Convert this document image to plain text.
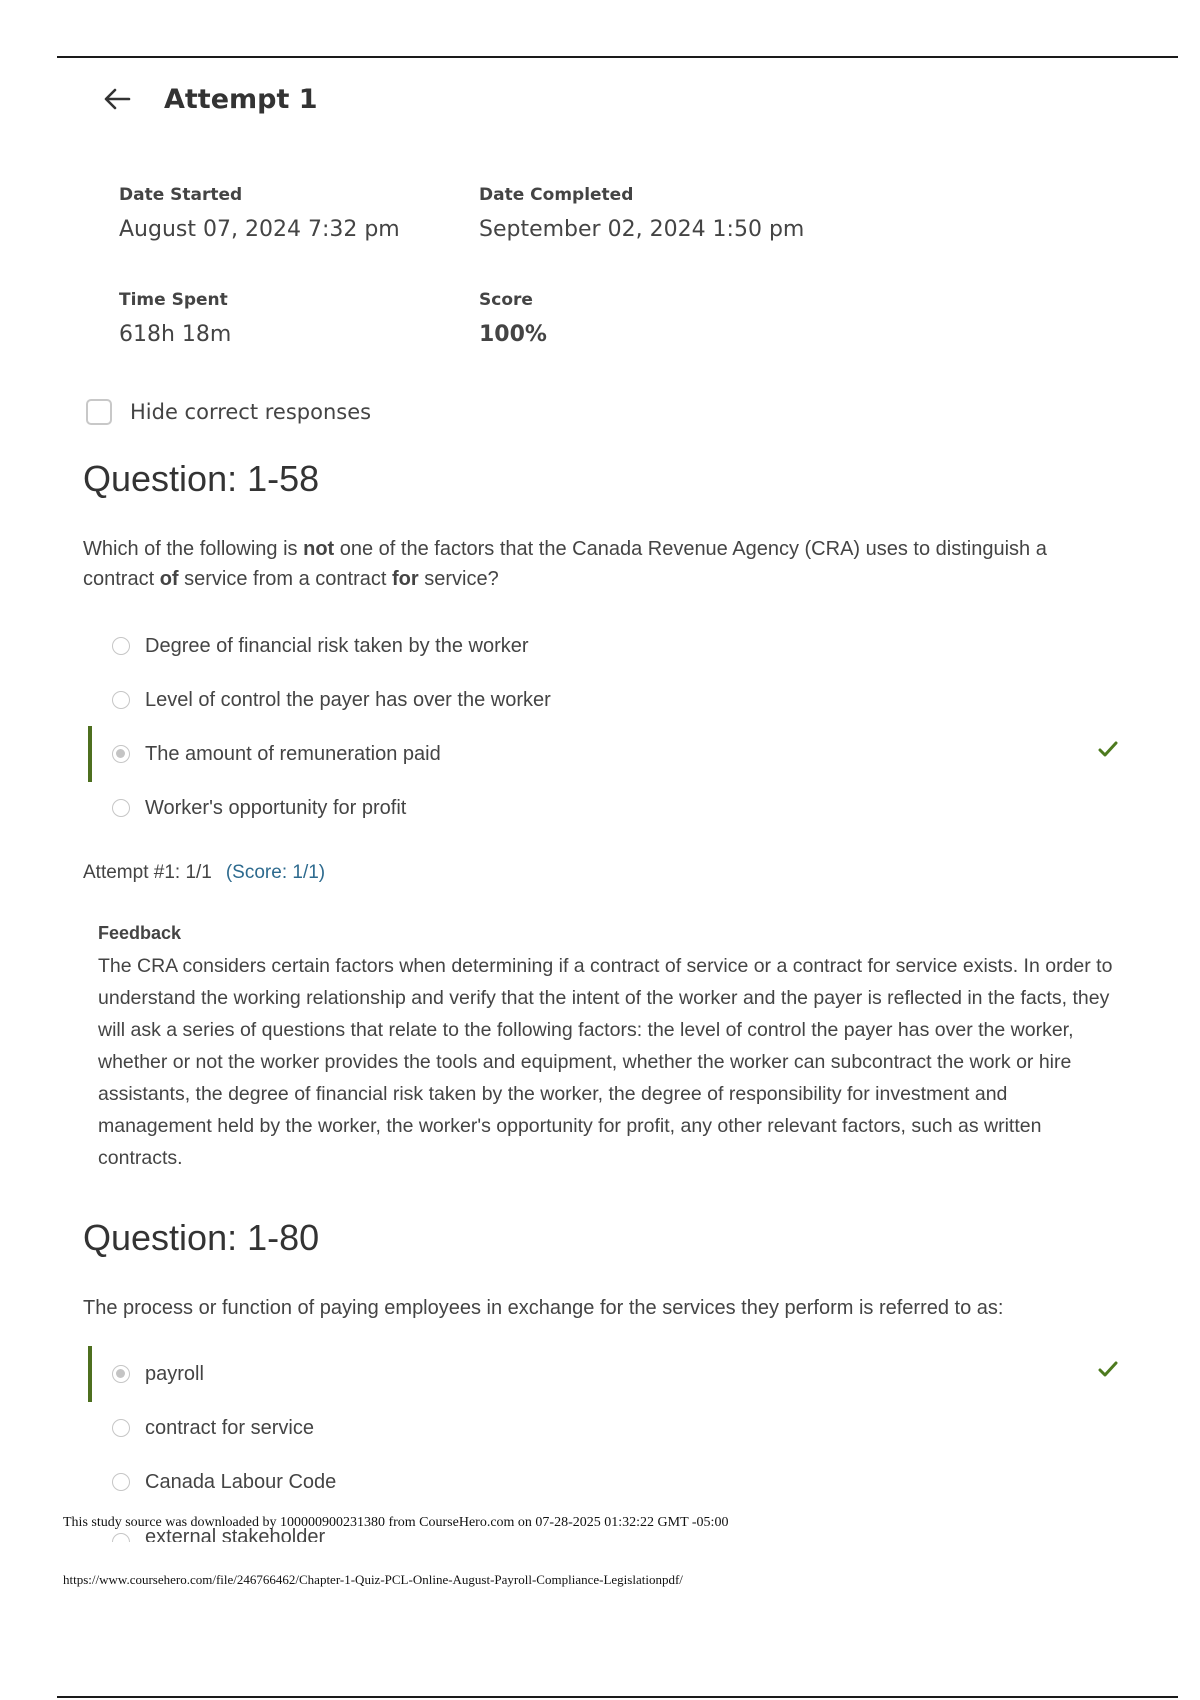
Attempt 1
Date Started
August 07, 2024 7:32 pm
Date Completed
September 02, 2024 1:50 pm
Time Spent
618h 18m
Score
100%
Hide correct responses
Question: 1-58
Which of the following is not one of the factors that the Canada Revenue Agency (CRA) uses to distinguish a contract of service from a contract for service?
Degree of financial risk taken by the worker
Level of control the payer has over the worker
The amount of remuneration paid
Worker's opportunity for profit
Attempt #1: 1/1 (Score: 1/1)
Feedback
The CRA considers certain factors when determining if a contract of service or a contract for service exists. In order to understand the working relationship and verify that the intent of the worker and the payer is reflected in the facts, they will ask a series of questions that relate to the following factors: the level of control the payer has over the worker, whether or not the worker provides the tools and equipment, whether the worker can subcontract the work or hire assistants, the degree of financial risk taken by the worker, the degree of responsibility for investment and management held by the worker, the worker's opportunity for profit, any other relevant factors, such as written contracts.
Question: 1-80
The process or function of paying employees in exchange for the services they perform is referred to as:
payroll
contract for service
Canada Labour Code
external stakeholder
This study source was downloaded by 100000900231380 from CourseHero.com on 07-28-2025 01:32:22 GMT -05:00
https://www.coursehero.com/file/246766462/Chapter-1-Quiz-PCL-Online-August-Payroll-Compliance-Legislationpdf/
